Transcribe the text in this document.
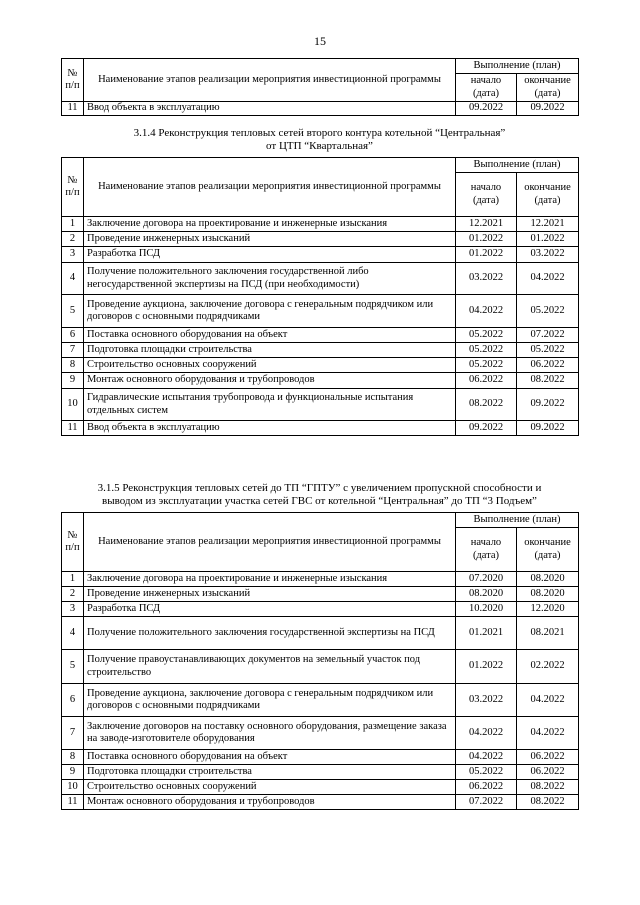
15
№ п/п	Наименование этапов реализации мероприятия инвестиционной программы	Выполнение (план)	
		начало (дата)	окончание (дата)
11	Ввод объекта в эксплуатацию	09.2022	09.2022
3.1.4 Реконструкция тепловых сетей второго контура котельной “Центральная”
от ЦТП “Квартальная”
№ п/п	Наименование этапов реализации мероприятия инвестиционной программы	Выполнение (план)	
		начало (дата)	окончание (дата)
1	Заключение договора на проектирование и инженерные изыскания	12.2021	12.2021
2	Проведение инженерных изысканий	01.2022	01.2022
3	Разработка ПСД	01.2022	03.2022
4	Получение положительного заключения государственной либо негосударственной экспертизы на ПСД (при необходимости)	03.2022	04.2022
5	Проведение аукциона, заключение договора с генеральным подрядчиком или договоров с основными подрядчиками	04.2022	05.2022
6	Поставка основного оборудования на объект	05.2022	07.2022
7	Подготовка площадки строительства	05.2022	05.2022
8	Строительство основных сооружений	05.2022	06.2022
9	Монтаж основного оборудования и трубопроводов	06.2022	08.2022
10	Гидравлические испытания трубопровода и функциональные испытания отдельных систем	08.2022	09.2022
11	Ввод объекта в эксплуатацию	09.2022	09.2022
3.1.5 Реконструкция тепловых сетей до ТП “ГПТУ” с увеличением пропускной способности и
выводом из эксплуатации участка сетей ГВС от котельной “Центральная” до ТП “3 Подъем”
№ п/п	Наименование этапов реализации мероприятия инвестиционной программы	Выполнение (план)	
		начало (дата)	окончание (дата)
1	Заключение договора на проектирование и инженерные изыскания	07.2020	08.2020
2	Проведение инженерных изысканий	08.2020	08.2020
3	Разработка ПСД	10.2020	12.2020
4	Получение положительного заключения государственной экспертизы на ПСД	01.2021	08.2021
5	Получение правоустанавливающих документов на земельный участок под строительство	01.2022	02.2022
6	Проведение аукциона, заключение договора с генеральным подрядчиком или договоров с основными подрядчиками	03.2022	04.2022
7	Заключение договоров на поставку основного оборудования, размещение заказа на заводе-изготовителе оборудования	04.2022	04.2022
8	Поставка основного оборудования на объект	04.2022	06.2022
9	Подготовка площадки строительства	05.2022	06.2022
10	Строительство основных сооружений	06.2022	08.2022
11	Монтаж основного оборудования и трубопроводов	07.2022	08.2022
